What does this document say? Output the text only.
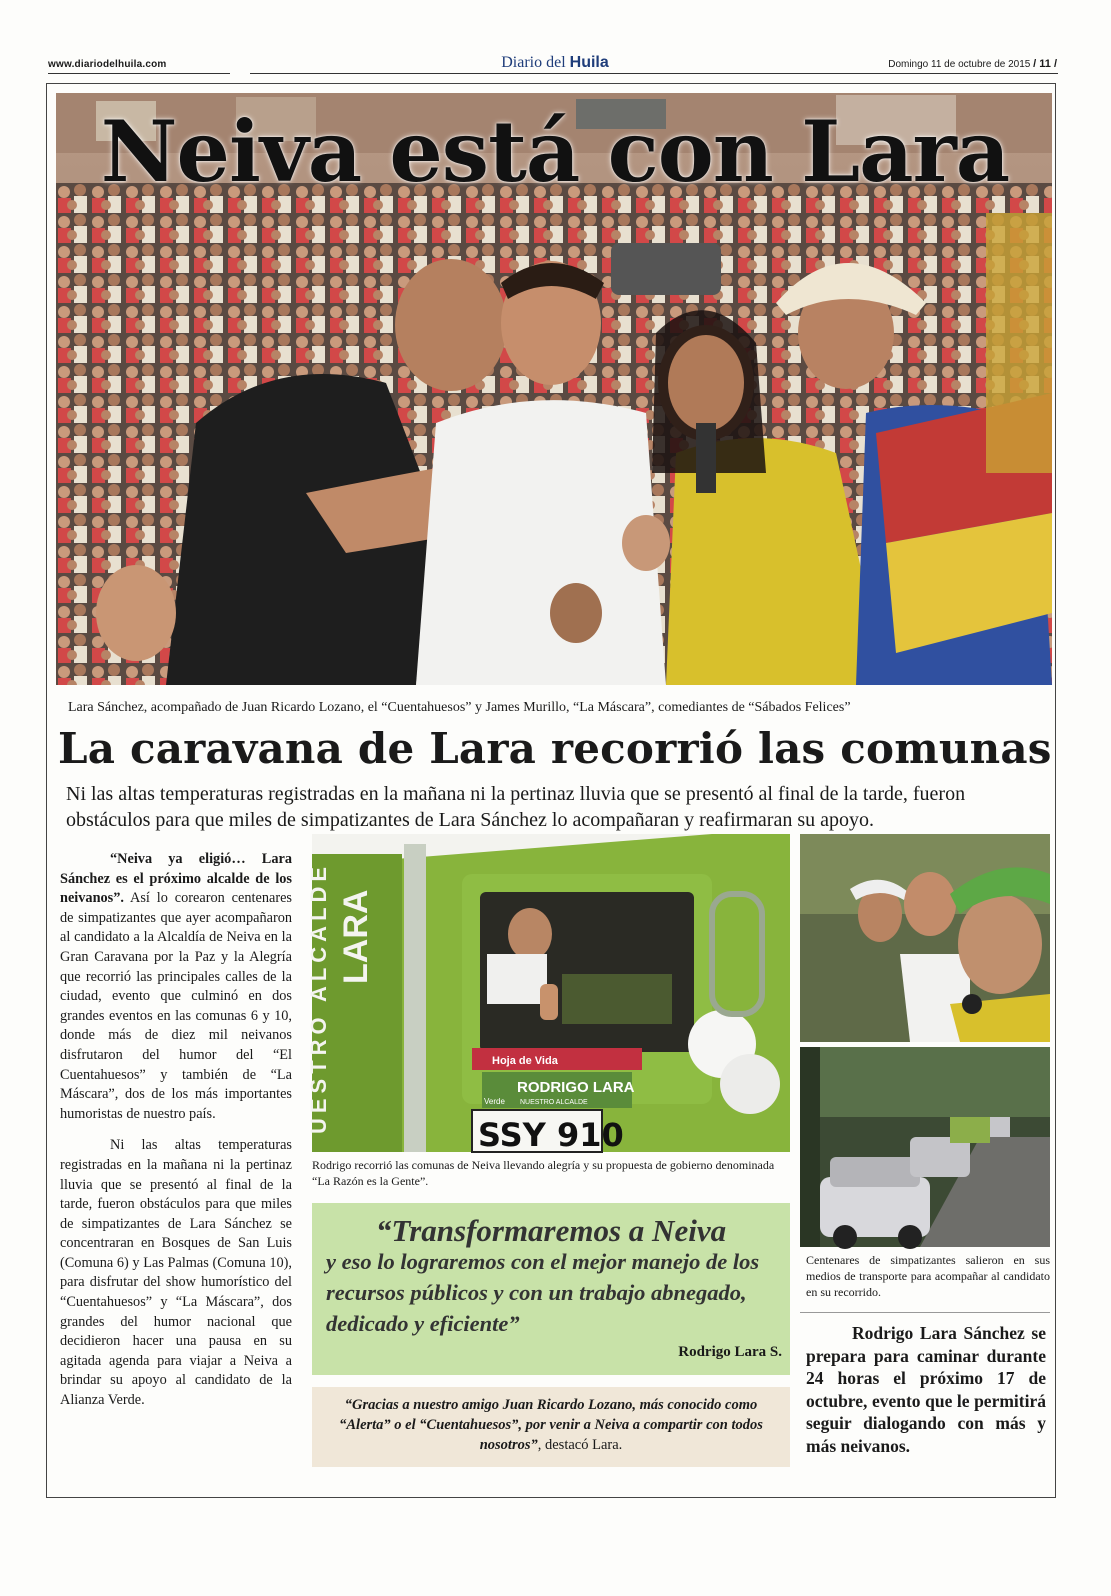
www.diariodelhuila.com	Diario del Huila	Domingo 11 de octubre de 2015 / 11 /
Neiva está con Lara
Lara Sánchez, acompañado de Juan Ricardo Lozano, el “Cuentahuesos” y James Murillo, “La Máscara”, comediantes de “Sábados Felices”
La caravana de Lara recorrió las comunas
Ni las altas temperaturas registradas en la mañana ni la pertinaz lluvia que se presentó al final de la tarde, fueron obstáculos para que miles de simpatizantes de Lara Sánchez lo acompañaran y reafirmaran su apoyo.

“Neiva ya eligió… Lara Sánchez es el próximo alcalde de los neivanos”. Así lo corearon centenares de simpatizantes que ayer acompañaron al candidato a la Alcaldía de Neiva en la Gran Caravana por la Paz y la Alegría que recorrió las principales calles de la ciudad, evento que culminó en dos grandes eventos en las comunas 6 y 10, donde más de diez mil neivanos disfrutaron del humor del “El Cuentahuesos” y también de “La Máscara”, dos de los más importantes humoristas de nuestro país.

Ni las altas temperaturas registradas en la mañana ni la pertinaz lluvia que se presentó al final de la tarde, fueron obstáculos para que miles de simpatizantes de Lara Sánchez se concentraran en Bosques de San Luis (Comuna 6) y Las Palmas (Comuna 10), para disfrutar del show humorístico del “Cuentahuesos” y “La Máscara”, dos grandes del humor nacional que decidieron hacer una pausa en su agitada agenda para viajar a Neiva a brindar su apoyo al candidato de la Alianza Verde.

UESTRO ALCALDE LARA
Hoja de Vida
RODRIGO LARA
NUESTRO ALCALDE
Verde
SSY 910
Rodrigo recorrió las comunas de Neiva llevando alegría y su propuesta de gobierno denominada “La Razón es la Gente”.
Centenares de simpatizantes salieron en sus medios de transporte para acompañar al candidato en su recorrido.
Rodrigo Lara Sánchez se prepara para caminar durante 24 horas el próximo 17 de octubre, evento que le permitirá seguir dialogando con más y más neivanos.
“Transformaremos a Neiva
y eso lo lograremos con el mejor manejo de los recursos públicos y con un trabajo abnegado, dedicado y eficiente”
Rodrigo Lara S.
“Gracias a nuestro amigo Juan Ricardo Lozano, más conocido como “Alerta” o el “Cuentahuesos”, por venir a Neiva a compartir con todos nosotros”, destacó Lara.
